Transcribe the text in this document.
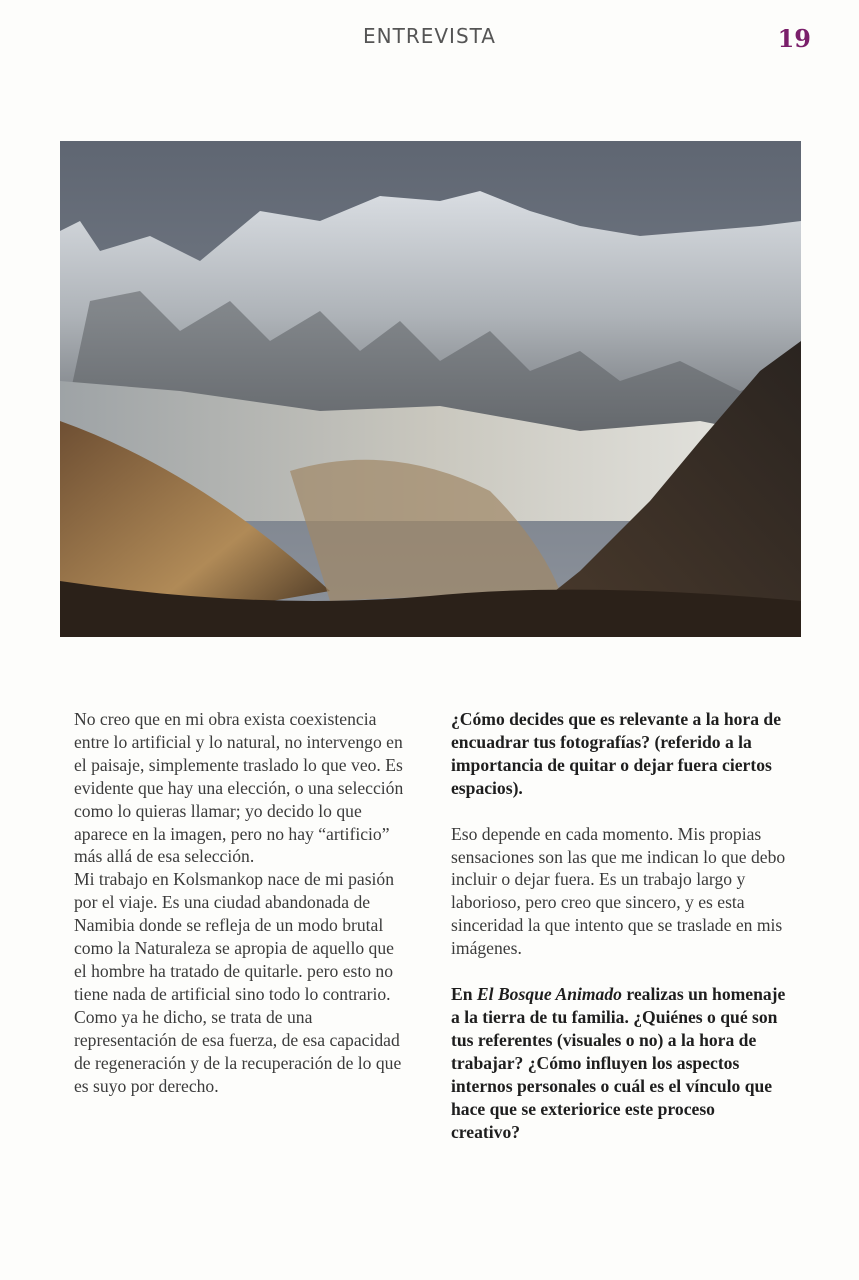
ENTREVISTA	19

No creo que en mi obra exista coexistencia entre lo artificial y lo natural, no intervengo en el paisaje, simplemente traslado lo que veo. Es evidente que hay una elección, o una selección como lo quieras llamar; yo decido lo que aparece en la imagen, pero no hay “artificio” más allá de esa selección.

Mi trabajo en Kolsmankop nace de mi pasión por el viaje. Es una ciudad abandonada de Namibia donde se refleja de un modo brutal como la Naturaleza se apropia de aquello que el hombre ha tratado de quitarle. pero esto no tiene nada de artificial sino todo lo contrario. Como ya he dicho, se trata de una representación de esa fuerza, de esa capacidad de regeneración y de la recuperación de lo que es suyo por derecho.

¿Cómo decides que es relevante a la hora de encuadrar tus fotografías? (referido a la importancia de quitar o dejar fuera ciertos espacios).

Eso depende en cada momento. Mis propias sensaciones son las que me indican lo que debo incluir o dejar fuera. Es un trabajo largo y laborioso, pero creo que sincero, y es esta sinceridad la que intento que se traslade en mis imágenes.

En El Bosque Animado realizas un homenaje a la tierra de tu familia. ¿Quiénes o qué son tus referentes (visuales o no) a la hora de trabajar? ¿Cómo influyen los aspectos internos personales o cuál es el vínculo que hace que se exteriorice este proceso creativo?
